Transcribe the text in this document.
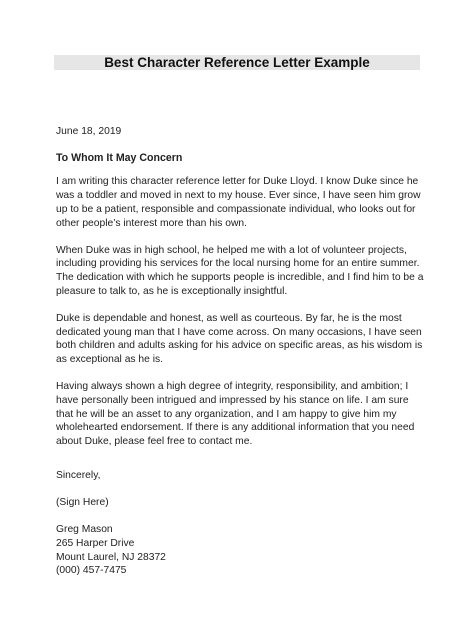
Best Character Reference Letter Example
June 18, 2019
To Whom It May Concern

I am writing this character reference letter for Duke Lloyd. I know Duke since he
was a toddler and moved in next to my house. Ever since, I have seen him grow
up to be a patient, responsible and compassionate individual, who looks out for
other people’s interest more than his own.

When Duke was in high school, he helped me with a lot of volunteer projects,
including providing his services for the local nursing home for an entire summer.
The dedication with which he supports people is incredible, and I find him to be a
pleasure to talk to, as he is exceptionally insightful.

Duke is dependable and honest, as well as courteous. By far, he is the most
dedicated young man that I have come across. On many occasions, I have seen
both children and adults asking for his advice on specific areas, as his wisdom is
as exceptional as he is.

Having always shown a high degree of integrity, responsibility, and ambition; I
have personally been intrigued and impressed by his stance on life. I am sure
that he will be an asset to any organization, and I am happy to give him my
wholehearted endorsement. If there is any additional information that you need
about Duke, please feel free to contact me.

Sincerely,
(Sign Here)
Greg Mason
265 Harper Drive
Mount Laurel, NJ 28372
(000) 457-7475
